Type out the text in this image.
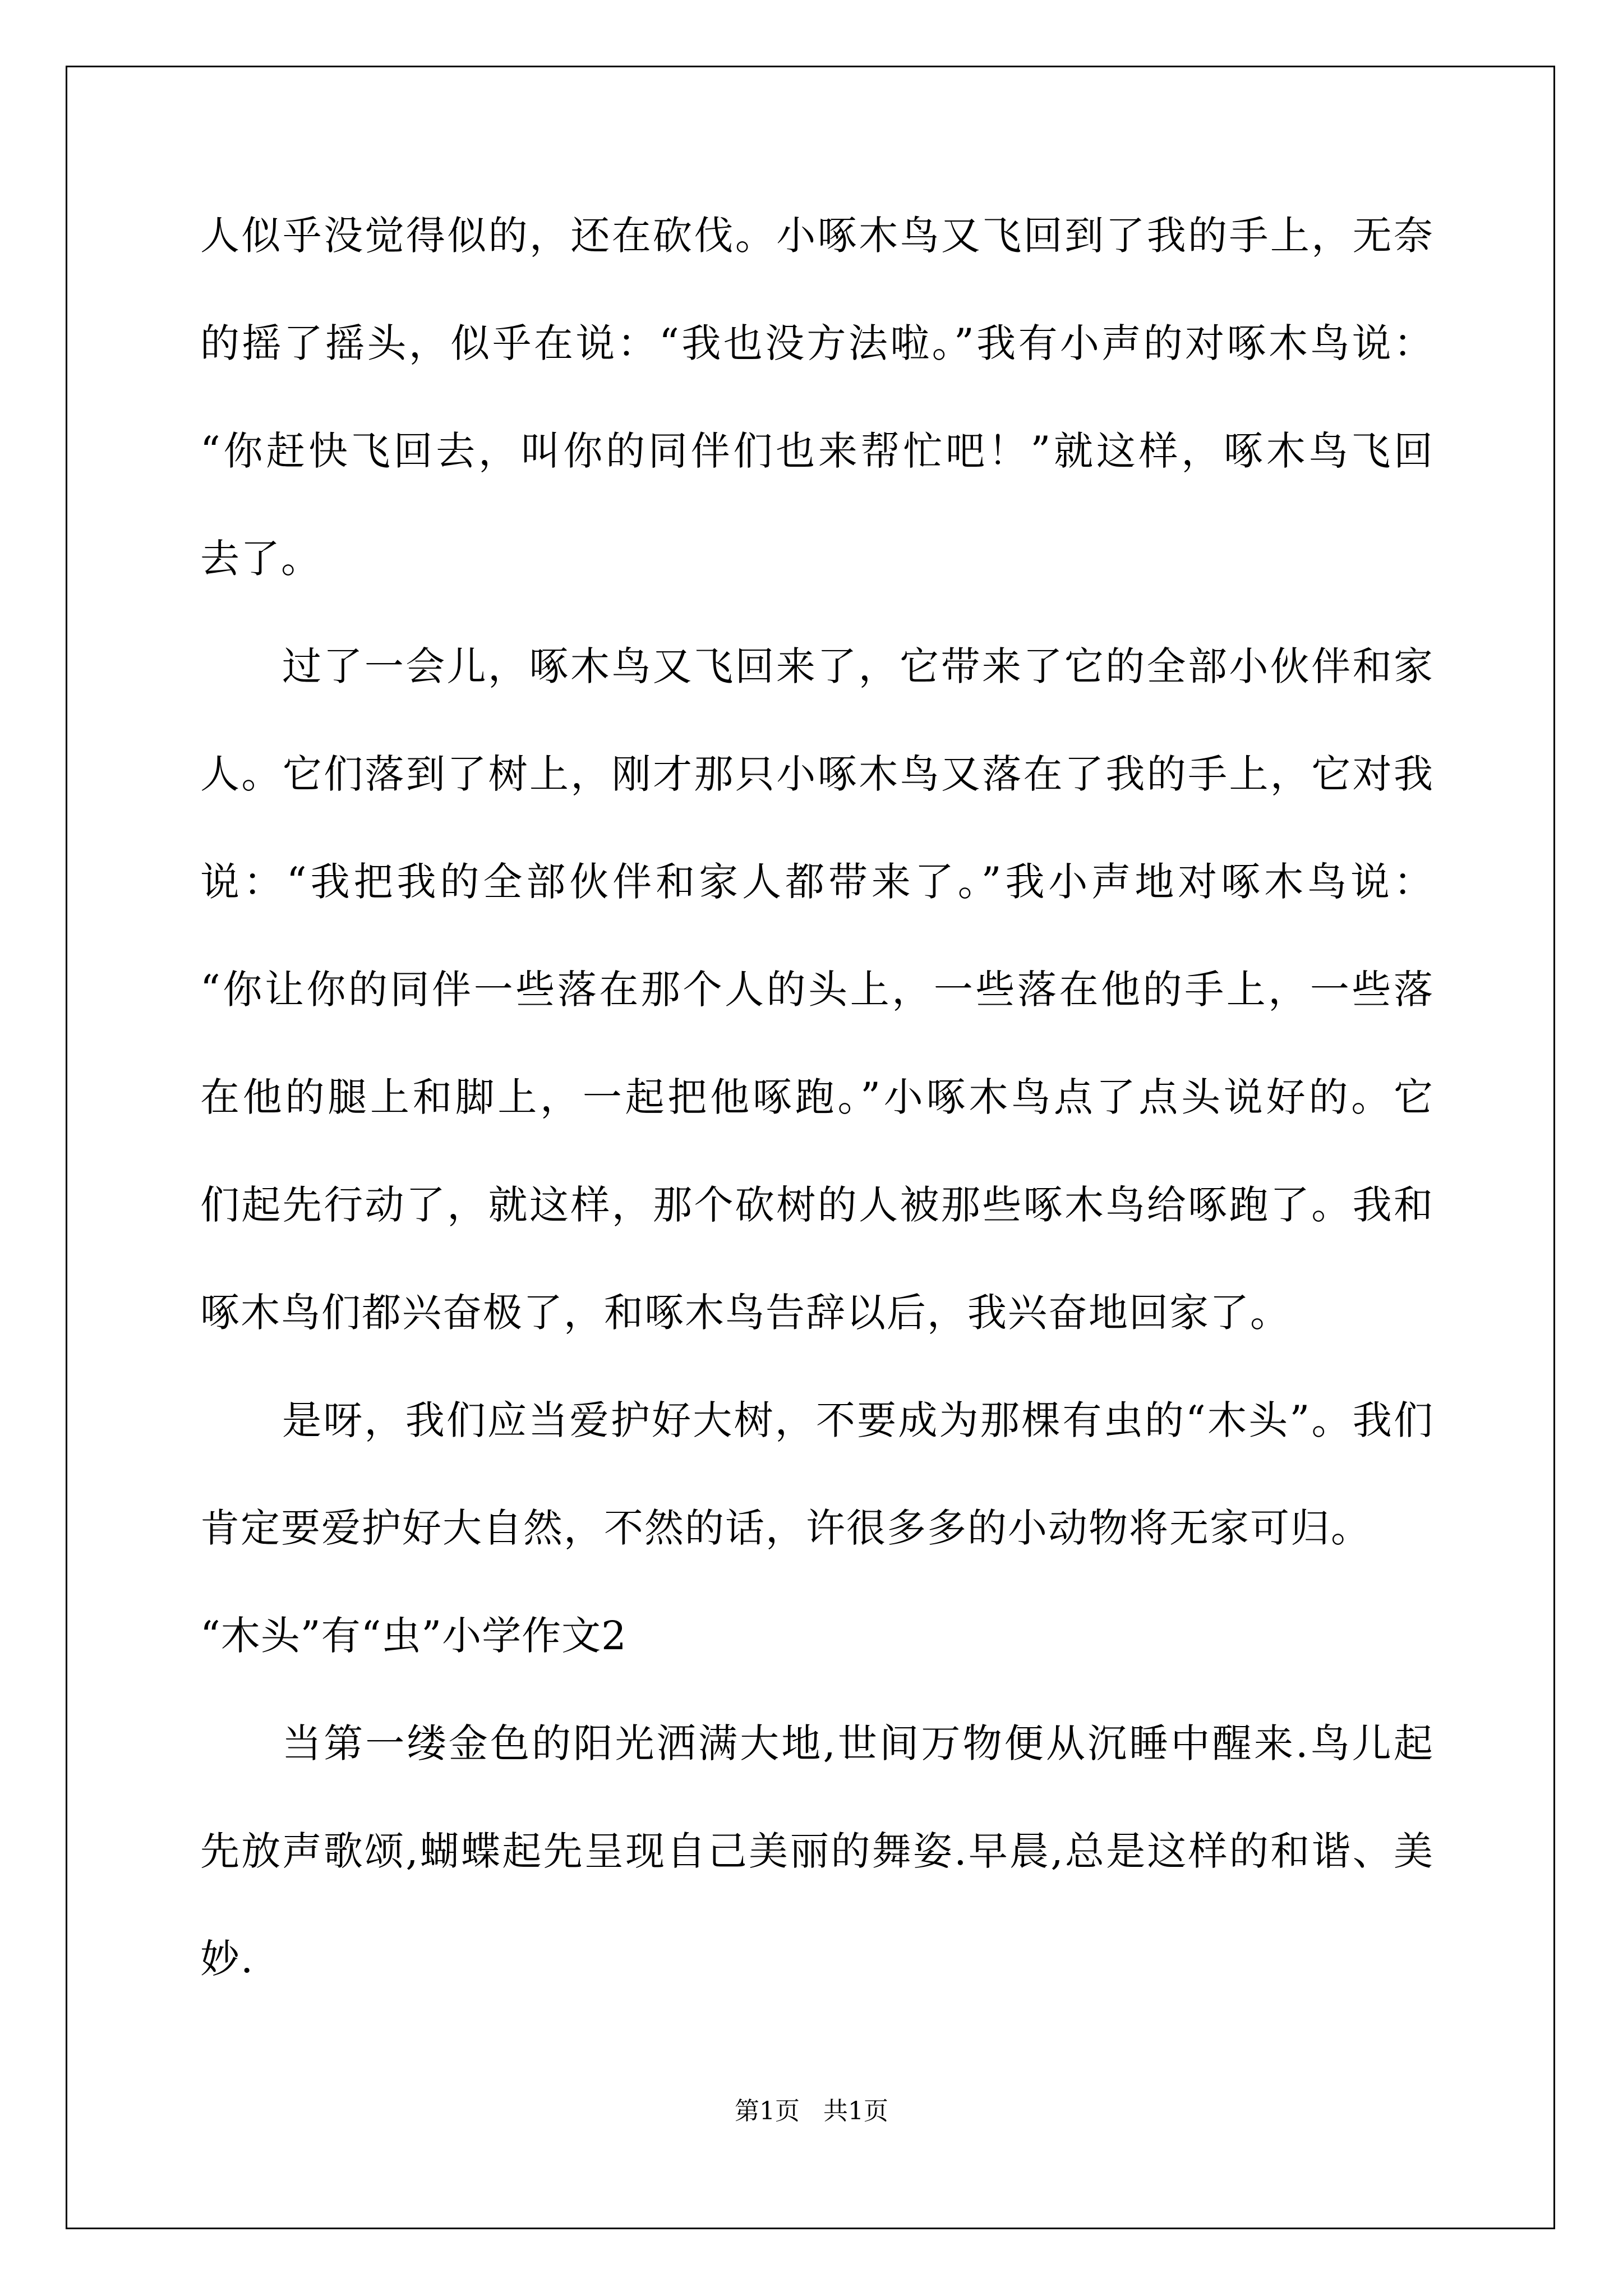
人似乎没觉得似的，还在砍伐。小啄木鸟又飞回到了我的手上，无奈
的摇了摇头，似乎在说：“我也没方法啦。”我有小声的对啄木鸟说：
“你赶快飞回去，叫你的同伴们也来帮忙吧！”就这样，啄木鸟飞回
去了。
过了一会儿，啄木鸟又飞回来了，它带来了它的全部小伙伴和家
人。它们落到了树上，刚才那只小啄木鸟又落在了我的手上，它对我
说：“我把我的全部伙伴和家人都带来了。”我小声地对啄木鸟说：
“你让你的同伴一些落在那个人的头上，一些落在他的手上，一些落
在他的腿上和脚上，一起把他啄跑。”小啄木鸟点了点头说好的。它
们起先行动了，就这样，那个砍树的人被那些啄木鸟给啄跑了。我和
啄木鸟们都兴奋极了，和啄木鸟告辞以后，我兴奋地回家了。
是呀，我们应当爱护好大树，不要成为那棵有虫的“木头”。我们
肯定要爱护好大自然，不然的话，许很多多的小动物将无家可归。
“木头”有“虫”小学作文2
当第一缕金色的阳光洒满大地,世间万物便从沉睡中醒来.鸟儿起
先放声歌颂,蝴蝶起先呈现自己美丽的舞姿.早晨,总是这样的和谐、美
妙.
第1页   共1页
